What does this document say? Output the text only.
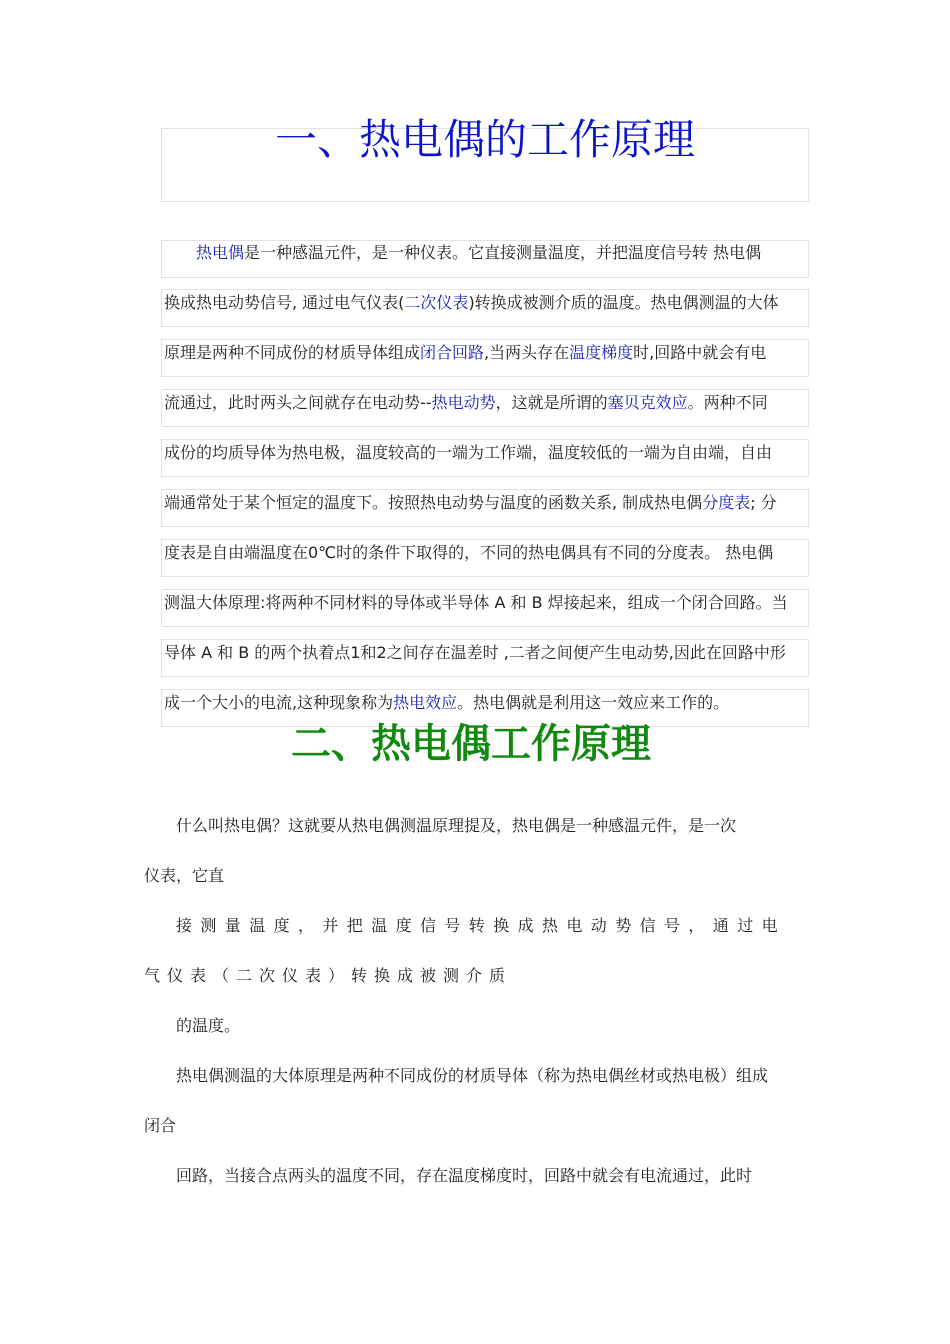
一、热电偶的工作原理
热电偶是一种感温元件，是一种仪表。它直接测量温度，并把温度信号转 热电偶
换成热电动势信号, 通过电气仪表(二次仪表)转换成被测介质的温度。热电偶测温的大体
原理是两种不同成份的材质导体组成闭合回路,当两头存在温度梯度时,回路中就会有电
流通过，此时两头之间就存在电动势--热电动势，这就是所谓的塞贝克效应。两种不同
成份的均质导体为热电极，温度较高的一端为工作端，温度较低的一端为自由端，自由
端通常处于某个恒定的温度下。按照热电动势与温度的函数关系, 制成热电偶分度表; 分
度表是自由端温度在0℃时的条件下取得的，不同的热电偶具有不同的分度表。 热电偶
测温大体原理:将两种不同材料的导体或半导体 A 和 B 焊接起来，组成一个闭合回路。当
导体 A 和 B 的两个执着点1和2之间存在温差时 ,二者之间便产生电动势,因此在回路中形
成一个大小的电流,这种现象称为热电效应。热电偶就是利用这一效应来工作的。
二、热电偶工作原理
什么叫热电偶？这就要从热电偶测温原理提及，热电偶是一种感温元件，是一次
仪表，它直
接测量温度，并把温度信号转换成热电动势信号，通过电
气仪表（二次仪表）转换成被测介质
的温度。
热电偶测温的大体原理是两种不同成份的材质导体（称为热电偶丝材或热电极）组成
闭合
回路，当接合点两头的温度不同，存在温度梯度时，回路中就会有电流通过，此时
